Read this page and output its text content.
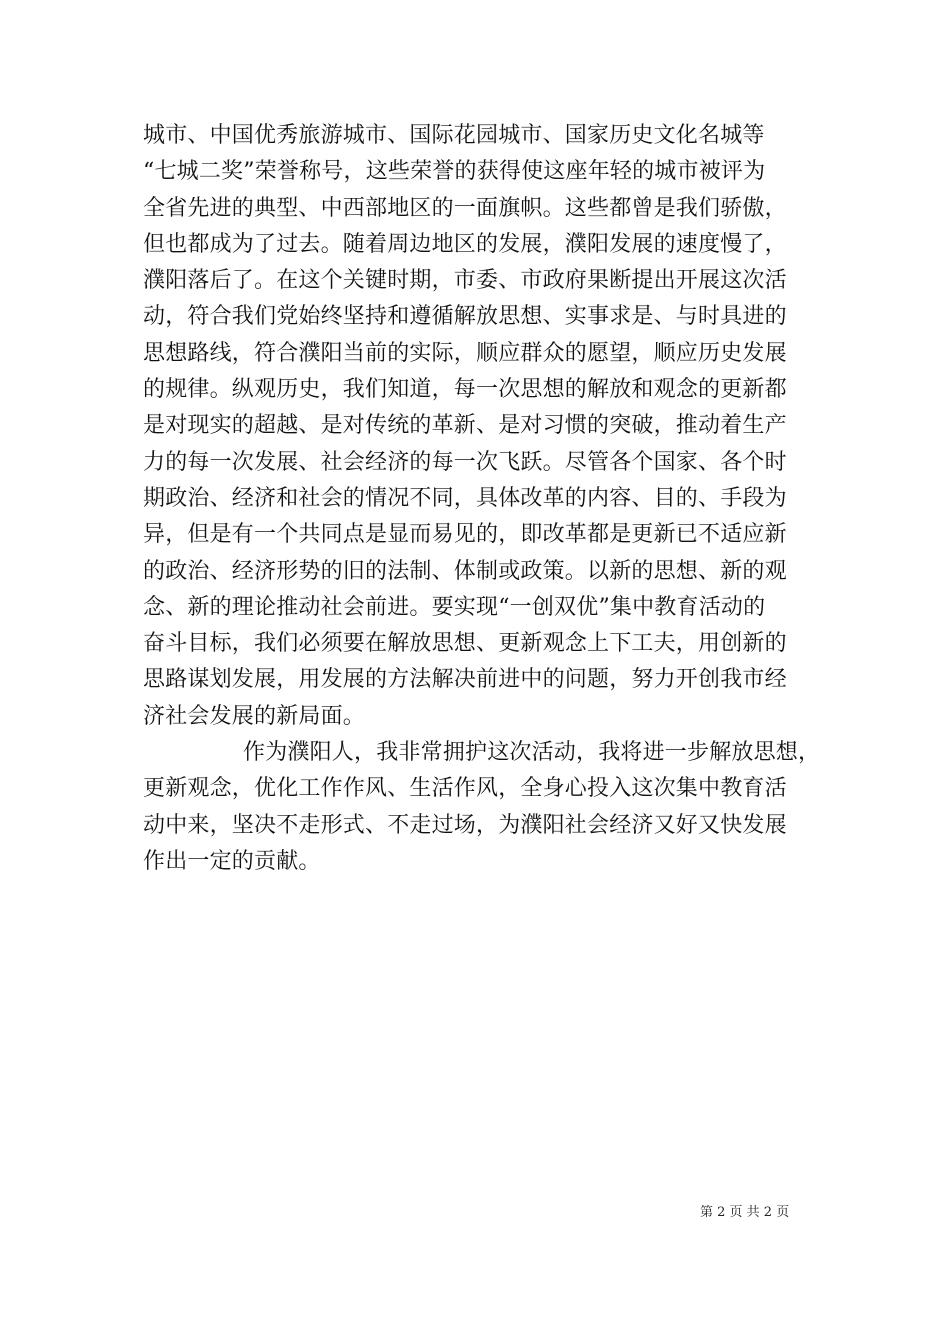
城市、中国优秀旅游城市、国际花园城市、国家历史文化名城等
“七城二奖”荣誉称号，这些荣誉的获得使这座年轻的城市被评为
全省先进的典型、中西部地区的一面旗帜。这些都曾是我们骄傲，
但也都成为了过去。随着周边地区的发展，濮阳发展的速度慢了，
濮阳落后了。在这个关键时期，市委、市政府果断提出开展这次活
动，符合我们党始终坚持和遵循解放思想、实事求是、与时具进的
思想路线，符合濮阳当前的实际，顺应群众的愿望，顺应历史发展
的规律。纵观历史，我们知道，每一次思想的解放和观念的更新都
是对现实的超越、是对传统的革新、是对习惯的突破，推动着生产
力的每一次发展、社会经济的每一次飞跃。尽管各个国家、各个时
期政治、经济和社会的情况不同，具体改革的内容、目的、手段为
异，但是有一个共同点是显而易见的，即改革都是更新已不适应新
的政治、经济形势的旧的法制、体制或政策。以新的思想、新的观
念、新的理论推动社会前进。要实现“一创双优”集中教育活动的
奋斗目标，我们必须要在解放思想、更新观念上下工夫，用创新的
思路谋划发展，用发展的方法解决前进中的问题，努力开创我市经
济社会发展的新局面。

作为濮阳人，我非常拥护这次活动，我将进一步解放思想，
更新观念，优化工作作风、生活作风，全身心投入这次集中教育活
动中来，坚决不走形式、不走过场，为濮阳社会经济又好又快发展
作出一定的贡献。

第 2 页 共 2 页
